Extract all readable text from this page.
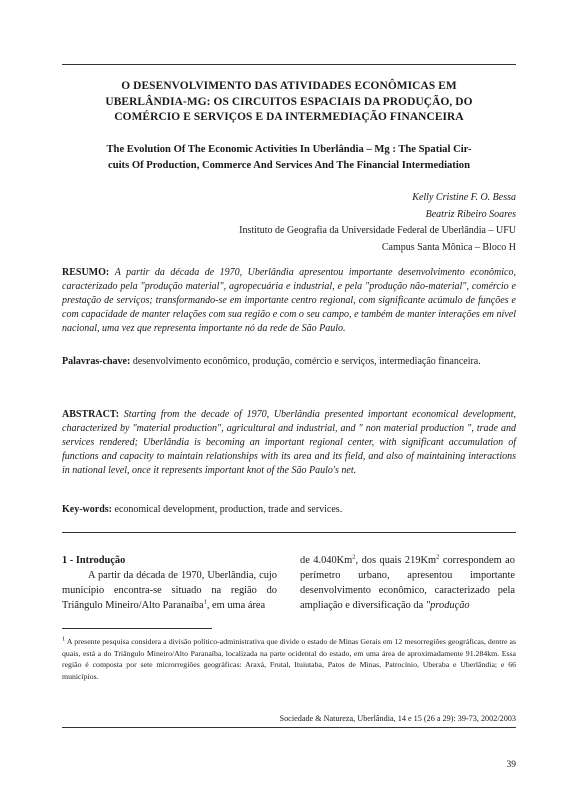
O DESENVOLVIMENTO DAS ATIVIDADES ECONÔMICAS EM
UBERLÂNDIA-MG: OS CIRCUITOS ESPACIAIS DA PRODUÇÃO, DO
COMÉRCIO E SERVIÇOS E DA INTERMEDIAÇÃO FINANCEIRA
The Evolution Of The Economic Activities In Uberlândia – Mg : The Spatial Cir-
cuits Of Production, Commerce And Services And The Financial Intermediation
Kelly Cristine F. O. Bessa
Beatriz Ribeiro Soares
Instituto de Geografia da Universidade Federal de Uberlândia – UFU
Campus Santa Mônica – Bloco H
RESUMO: A partir da década de 1970, Uberlândia apresentou importante desenvolvimento econômico, caracterizado pela "produção material", agropecuária e industrial, e pela "produção não-material", comércio e prestação de serviços; transformando-se em importante centro regional, com significante acúmulo de funções e com capacidade de manter relações com sua região e com o seu campo, e também de manter interações em nível nacional, uma vez que representa importante nó da rede de São Paulo.
Palavras-chave: desenvolvimento econômico, produção, comércio e serviços, intermediação financeira.
ABSTRACT: Starting from the decade of 1970, Uberlândia presented important economical development, characterized by "material production", agricultural and industrial, and " non material production ", trade and services rendered; Uberlândia is becoming an important regional center, with significant accumulation of functions and capacity to maintain relationships with its area and its field, and also of maintaining interactions in national level, once it represents important knot of the São Paulo's net.
Key-words: economical development, production, trade and services.
1 - Introdução
A partir da década de 1970, Uberlândia, cujo município encontra-se situado na região do Triângulo Mineiro/Alto Paranaíba$^1$, em uma área
de 4.040Km$^2$, dos quais 219Km$^2$ correspondem ao perímetro urbano, apresentou importante desenvolvimento econômico, caracterizado pela ampliação e diversificação da "produção
$^1$ A presente pesquisa considera a divisão político-administrativa que divide o estado de Minas Gerais em 12 mesorregiões geográficas, dentre as quais, está a do Triângulo Mineiro/Alto Paranaíba, localizada na parte ocidental do estado, em uma área de aproximadamente 91.284km. Essa região é composta por sete microrregiões geográficas: Araxá, Frutal, Ituiutaba, Patos de Minas, Patrocínio, Uberaba e Uberlândia; e 66 municípios.
Sociedade & Natureza, Uberlândia, 14 e 15 (26 a 29): 39-73, 2002/2003
39
